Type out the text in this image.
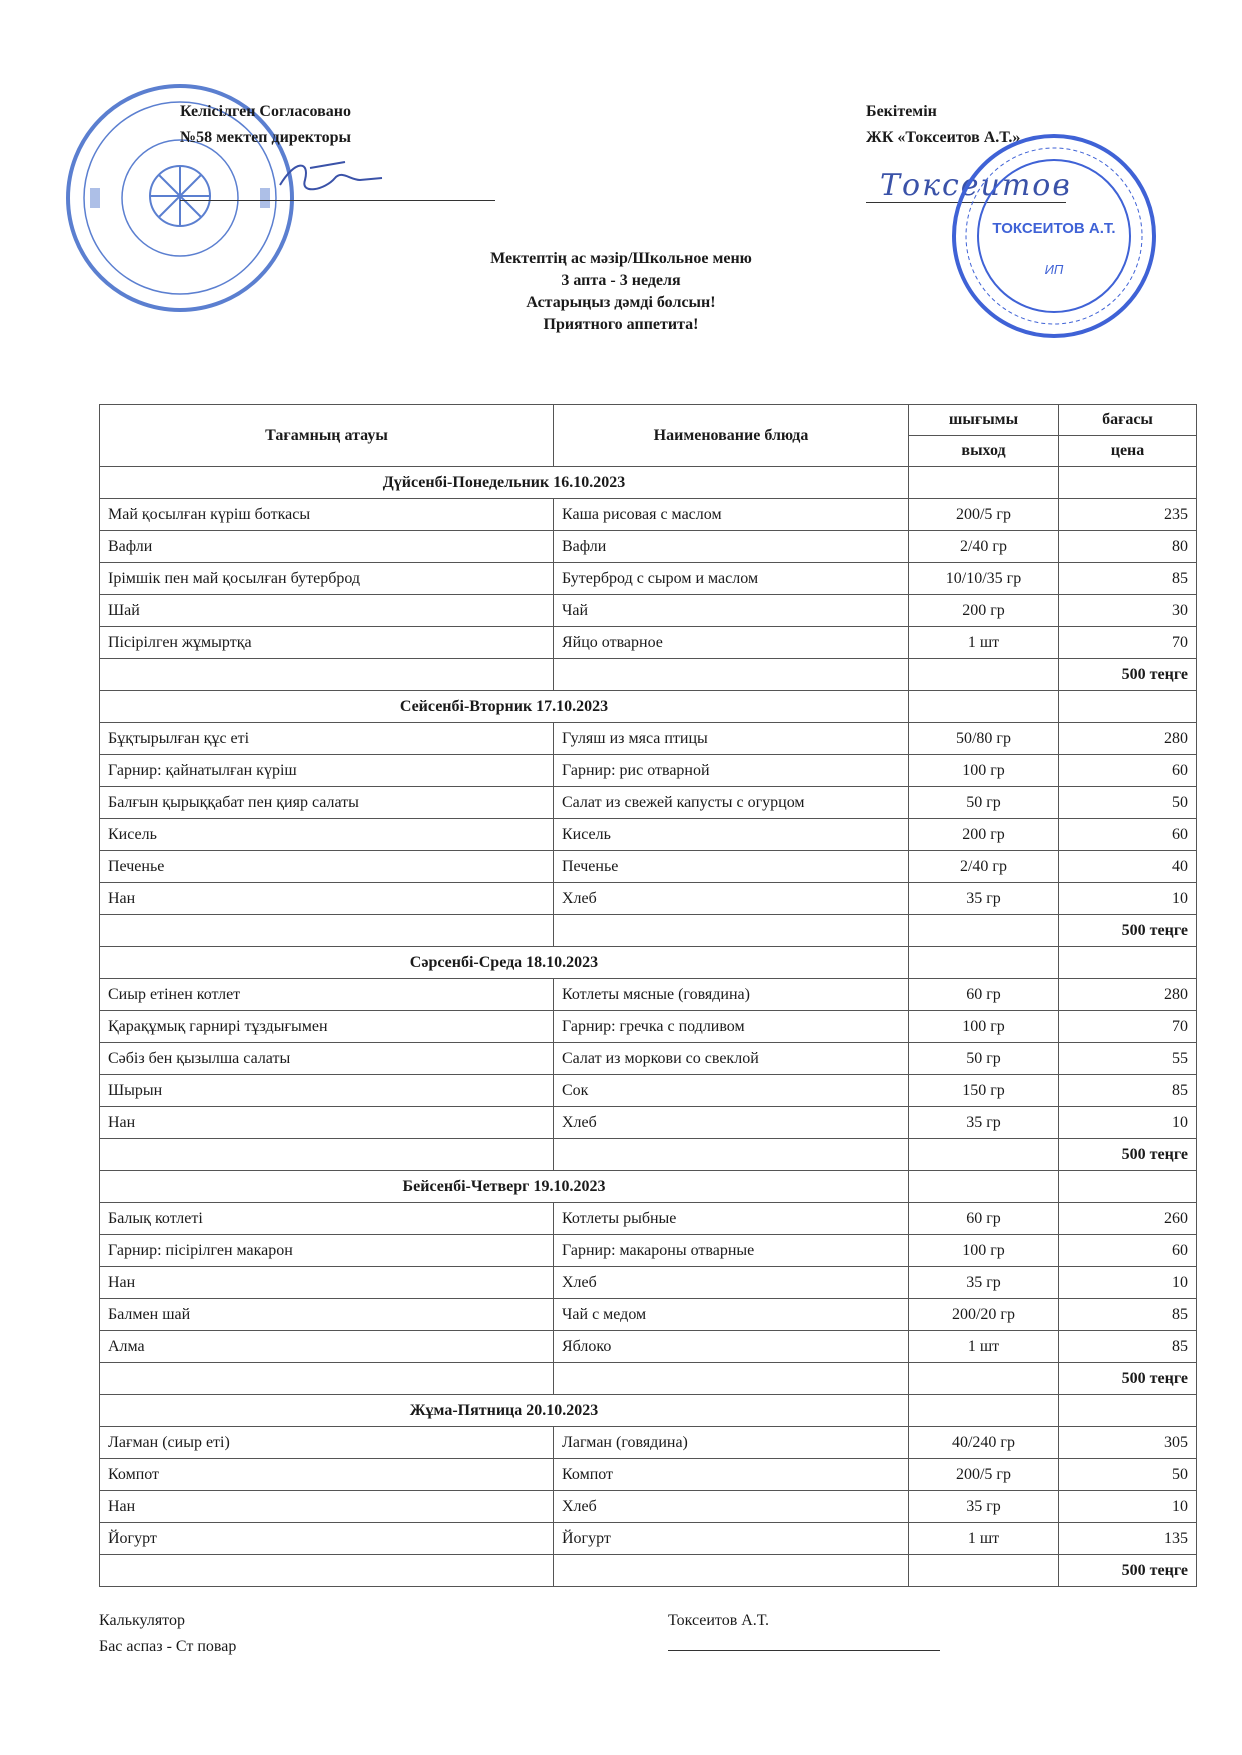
Келісілген Согласовано
№58 мектеп директоры
Бекітемін
ЖК «Токсеитов А.Т.»
Токсеитов
ТОКСЕИТОВ А.Т.
ИП
Мектептің ас мәзір/Школьное меню
3 апта - 3 неделя
Астарыңыз дәмді болсын!
Приятного аппетита!
Тағамның атауы	Наименование блюда	шығымы	бағасы
		выход	цена
Дүйсенбі-Понедельник 16.10.2023			
Май қосылған күріш боткасы	Каша рисовая с маслом	200/5 гр	235
Вафли	Вафли	2/40 гр	80
Ірімшік пен май қосылған бутерброд	Бутерброд с сыром и маслом	10/10/35 гр	85
Шай	Чай	200 гр	30
Пісірілген жұмыртқа	Яйцо отварное	1 шт	70
			500 теңге
Сейсенбі-Вторник 17.10.2023			
Бұқтырылған құс еті	Гуляш из мяса птицы	50/80 гр	280
Гарнир: қайнатылған күріш	Гарнир: рис отварной	100 гр	60
Балғын қырыққабат пен қияр салаты	Салат из свежей капусты с огурцом	50 гр	50
Кисель	Кисель	200 гр	60
Печенье	Печенье	2/40 гр	40
Нан	Хлеб	35 гр	10
			500 теңге
Сәрсенбі-Среда 18.10.2023			
Сиыр етінен котлет	Котлеты мясные (говядина)	60 гр	280
Қарақұмық гарнирі тұздығымен	Гарнир: гречка с подливом	100 гр	70
Сәбіз бен қызылша салаты	Салат из моркови со свеклой	50 гр	55
Шырын	Сок	150 гр	85
Нан	Хлеб	35 гр	10
			500 теңге
Бейсенбі-Четверг 19.10.2023			
Балық котлеті	Котлеты рыбные	60 гр	260
Гарнир: пісірілген макарон	Гарнир: макароны отварные	100 гр	60
Нан	Хлеб	35 гр	10
Балмен шай	Чай с медом	200/20 гр	85
Алма	Яблоко	1 шт	85
			500 теңге
Жұма-Пятница 20.10.2023			
Лағман (сиыр еті)	Лагман (говядина)	40/240 гр	305
Компот	Компот	200/5 гр	50
Нан	Хлеб	35 гр	10
Йогурт	Йогурт	1 шт	135
			500 теңге
Калькулятор
Бас аспаз - Ст повар
Токсеитов А.Т.
